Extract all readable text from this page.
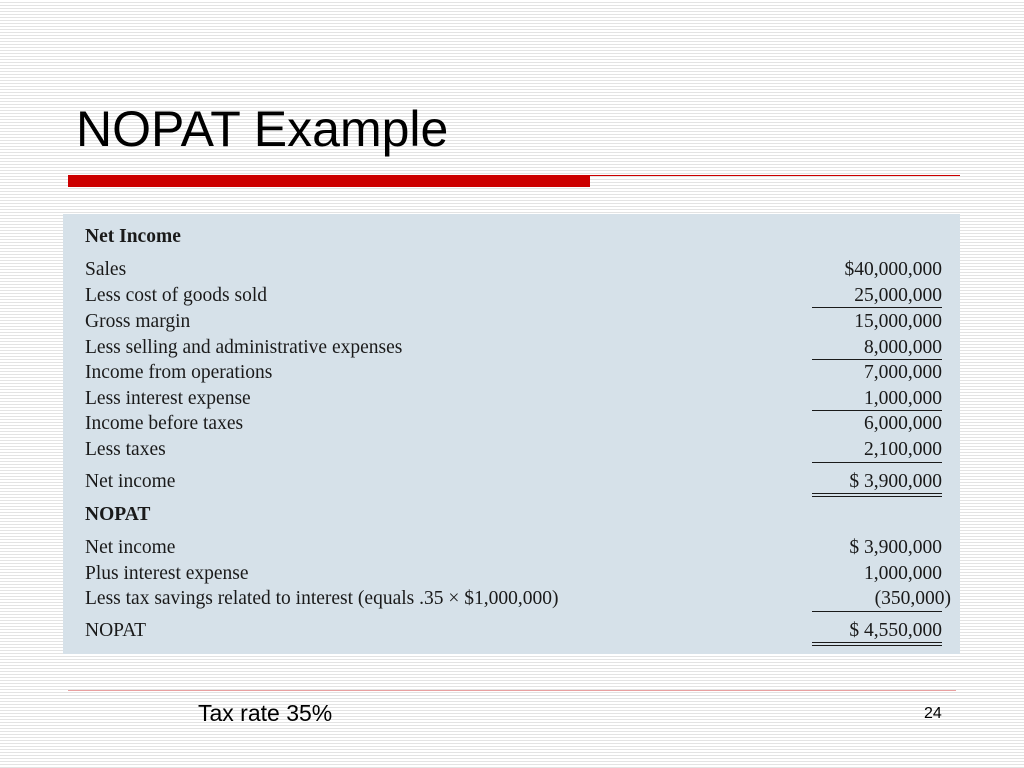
NOPAT Example
Net Income
Sales	$40,000,000
Less cost of goods sold	25,000,000
Gross margin	15,000,000
Less selling and administrative expenses	8,000,000
Income from operations	7,000,000
Less interest expense	1,000,000
Income before taxes	6,000,000
Less taxes	2,100,000
Net income	$ 3,900,000
NOPAT
Net income	$ 3,900,000
Plus interest expense	1,000,000
Less tax savings related to interest (equals .35 × $1,000,000)	(350,000)
NOPAT	$ 4,550,000
Tax rate 35%	24
